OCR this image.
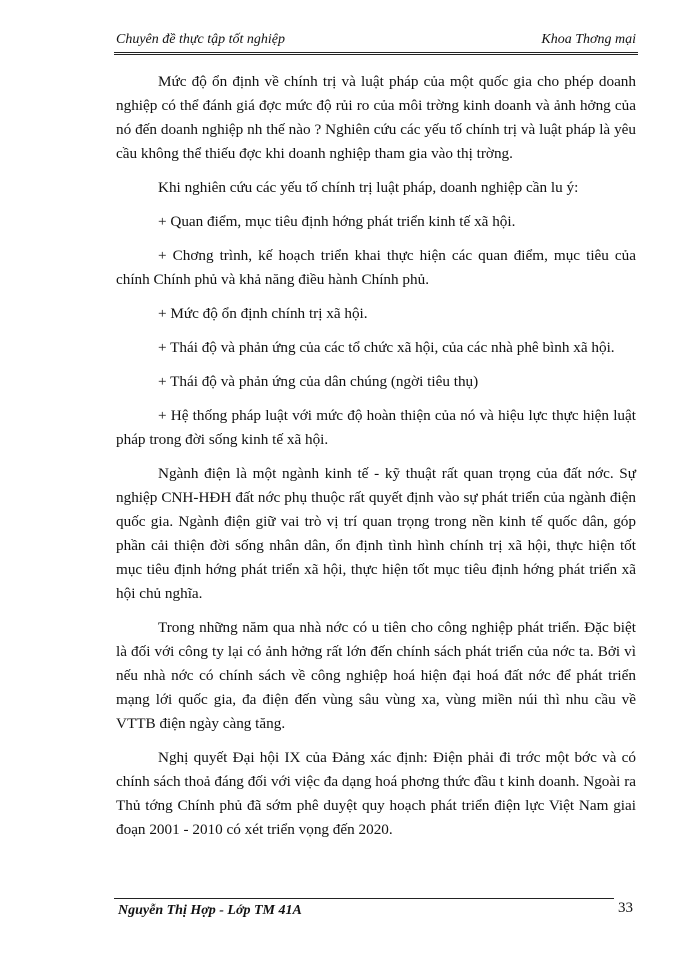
Chuyên đề thực tập tốt nghiệp	Khoa Thơng mại

Mức độ ổn định về chính trị và luật pháp của một quốc gia cho phép doanh nghiệp có thể đánh giá đợc mức độ rủi ro của môi trờng kinh doanh và ảnh hởng của nó đến doanh nghiệp nh thế nào ? Nghiên cứu các yếu tố chính trị và luật pháp là yêu cầu không thể thiếu đợc khi doanh nghiệp tham gia vào thị trờng.

Khi nghiên cứu các yếu tố chính trị luật pháp, doanh nghiệp cần lu ý:

+ Quan điểm, mục tiêu định hớng phát triển kinh tế xã hội.

+ Chơng trình, kế hoạch triển khai thực hiện các quan điểm, mục tiêu của chính Chính phủ và khả năng điều hành Chính phủ.

+ Mức độ ổn định chính trị xã hội.

+ Thái độ và phản ứng của các tổ chức xã hội, của các nhà phê bình xã hội.

+ Thái độ và phản ứng của dân chúng (ngời tiêu thụ)

+ Hệ thống pháp luật với mức độ hoàn thiện của nó và hiệu lực thực hiện luật pháp trong đời sống kinh tế xã hội.

Ngành điện là một ngành kinh tế - kỹ thuật rất quan trọng của đất nớc. Sự nghiệp CNH-HĐH đất nớc phụ thuộc rất quyết định vào sự phát triển của ngành điện quốc gia. Ngành điện giữ vai trò vị trí quan trọng trong nền kinh tế quốc dân, góp phần cải thiện đời sống nhân dân, ổn định tình hình chính trị xã hội, thực hiện tốt mục tiêu định hớng phát triển xã hội, thực hiện tốt mục tiêu định hớng phát triển xã hội chủ nghĩa.

Trong những năm qua nhà nớc có u tiên cho công nghiệp phát triển. Đặc biệt là đối với công ty lại có ảnh hởng rất lớn đến chính sách phát triển của nớc ta. Bởi vì nếu nhà nớc có chính sách về công nghiệp hoá hiện đại hoá đất nớc để phát triển mạng lới quốc gia, đa điện đến vùng sâu vùng xa, vùng miền núi thì nhu cầu về VTTB điện ngày càng tăng.

Nghị quyết Đại hội IX của Đảng xác định: Điện phải đi trớc một bớc và có chính sách thoả đáng đối với việc đa dạng hoá phơng thức đầu t kinh doanh. Ngoài ra Thủ tớng Chính phủ đã sớm phê duyệt quy hoạch phát triển điện lực Việt Nam giai đoạn 2001 - 2010 có xét triển vọng đến 2020.

Nguyễn Thị Hợp - Lớp TM 41A	33
